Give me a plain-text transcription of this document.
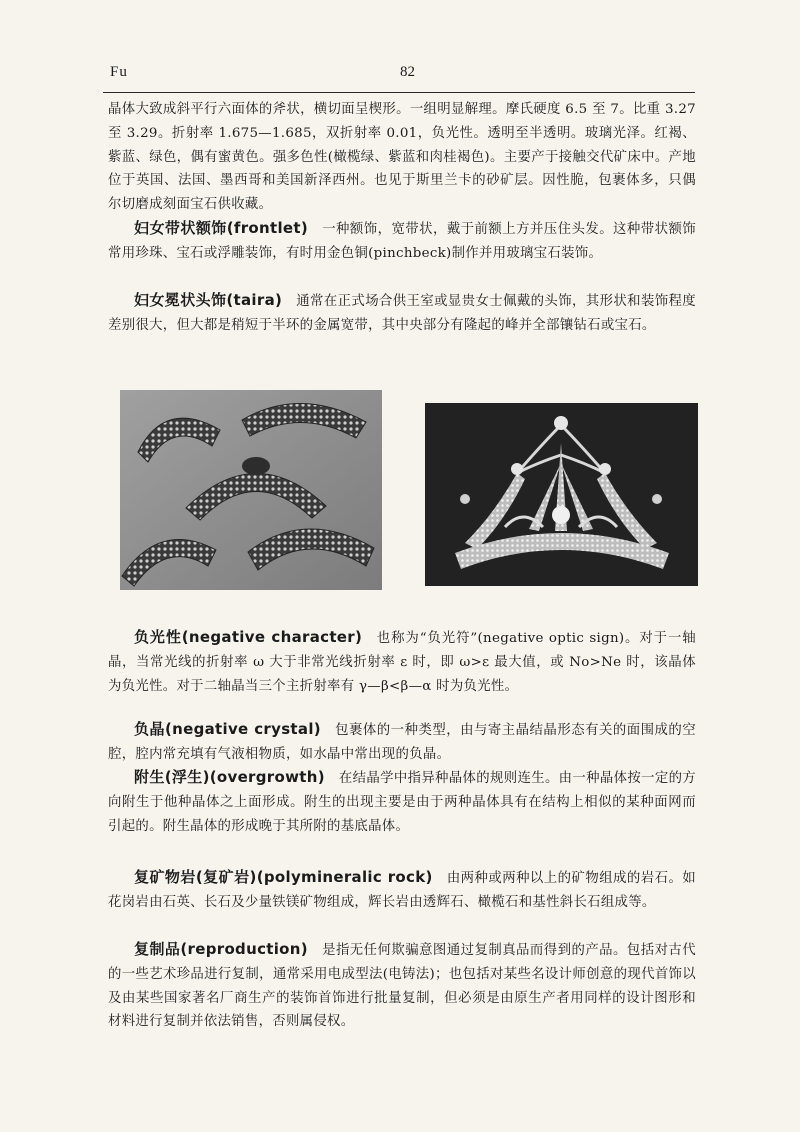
Fu	82

晶体大致成斜平行六面体的斧状，横切面呈楔形。一组明显解理。摩氏硬度 6.5 至 7。比重 3.27 至 3.29。折射率 1.675—1.685，双折射率 0.01，负光性。透明至半透明。玻璃光泽。红褐、紫蓝、绿色，偶有蜜黄色。强多色性(橄榄绿、紫蓝和肉桂褐色)。主要产于接触交代矿床中。产地位于英国、法国、墨西哥和美国新泽西州。也见于斯里兰卡的砂矿层。因性脆，包裹体多，只偶尔切磨成刻面宝石供收藏。

妇女带状额饰(frontlet) 一种额饰，宽带状，戴于前额上方并压住头发。这种带状额饰常用珍珠、宝石或浮雕装饰，有时用金色铜(pinchbeck)制作并用玻璃宝石装饰。

妇女冕状头饰(taira) 通常在正式场合供王室或显贵女士佩戴的头饰，其形状和装饰程度差别很大，但大都是稍短于半环的金属宽带，其中央部分有隆起的峰并全部镶钻石或宝石。

负光性(negative character) 也称为“负光符”(negative optic sign)。对于一轴晶，当常光线的折射率 ω 大于非常光线折射率 ε 时，即 ω>ε 最大值，或 No>Ne 时，该晶体为负光性。对于二轴晶当三个主折射率有 γ—β<β—α 时为负光性。

负晶(negative crystal) 包裹体的一种类型，由与寄主晶结晶形态有关的面围成的空腔，腔内常充填有气液相物质，如水晶中常出现的负晶。

附生(浮生)(overgrowth) 在结晶学中指异种晶体的规则连生。由一种晶体按一定的方向附生于他种晶体之上面形成。附生的出现主要是由于两种晶体具有在结构上相似的某种面网而引起的。附生晶体的形成晚于其所附的基底晶体。

复矿物岩(复矿岩)(polymineralic rock) 由两种或两种以上的矿物组成的岩石。如花岗岩由石英、长石及少量铁镁矿物组成，辉长岩由透辉石、橄榄石和基性斜长石组成等。

复制品(reproduction) 是指无任何欺骗意图通过复制真品而得到的产品。包括对古代的一些艺术珍品进行复制，通常采用电成型法(电铸法)；也包括对某些名设计师创意的现代首饰以及由某些国家著名厂商生产的装饰首饰进行批量复制，但必须是由原生产者用同样的设计图形和材料进行复制并依法销售，否则属侵权。
